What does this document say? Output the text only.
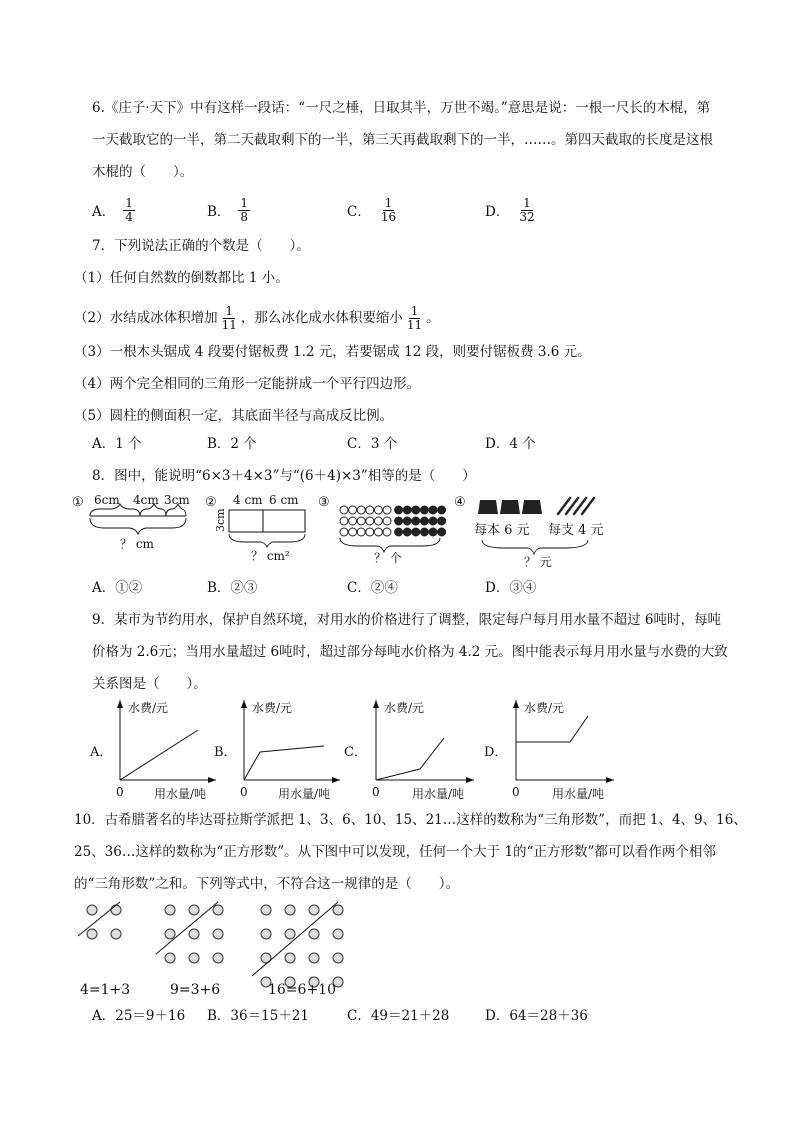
6.《庄子·天下》中有这样一段话：“一尺之棰，日取其半，万世不竭。”意思是说：一根一尺长的木棍，第
一天截取它的一半，第二天截取剩下的一半，第三天再截取剩下的一半，……。第四天截取的长度是这根
木棍的（　　）。
A． $\frac{1}{4}$	B． $\frac{1}{8}$	C． $\frac{1}{16}$	D． $\frac{1}{32}$
7．下列说法正确的个数是（　　）。
（1）任何自然数的倒数都比 1 小。
（2）水结成冰体积增加 $\frac{1}{11}$ ，那么冰化成水体积要缩小 $\frac{1}{11}$ 。
（3）一根木头锯成 4 段要付锯板费 1.2 元，若要锯成 12 段，则要付锯板费 3.6 元。
（4）两个完全相同的三角形一定能拼成一个平行四边形。
（5）圆柱的侧面积一定，其底面半径与高成反比例。
A．1 个	B．2 个	C．3 个	D．4 个
8．图中，能说明“6×3＋4×3”与“(6＋4)×3”相等的是（　　）
① 6cm 4cm 3cm
？ cm
② 4 cm 6 cm
3cm
？ cm²
③
？ 个
④
每本 6 元 每支 4 元
？ 元
A．①②	B．②③	C．②④	D．③④
9．某市为节约用水，保护自然环境，对用水的价格进行了调整，限定每户每月用水量不超过 6吨时，每吨
价格为 2.6元；当用水量超过 6吨时，超过部分每吨水价格为 4.2 元。图中能表示每月用水量与水费的大致
关系图是（　　）。
A．
水费/元
0	用水量/吨
B．
水费/元
0	用水量/吨
C．
水费/元
0	用水量/吨
D．
水费/元
0	用水量/吨
10．古希腊著名的毕达哥拉斯学派把 1、3、6、10、15、21…这样的数称为“三角形数”，而把 1、4、9、16、
25、36…这样的数称为“正方形数”。从下图中可以发现，任何一个大于 1的“正方形数”都可以看作两个相邻
的“三角形数”之和。下列等式中，不符合这一规律的是（　　）。
4=1+3	9=3+6	16=6+10
A．25＝9＋16 B．36＝15＋21	C．49＝21＋28	D．64＝28＋36
